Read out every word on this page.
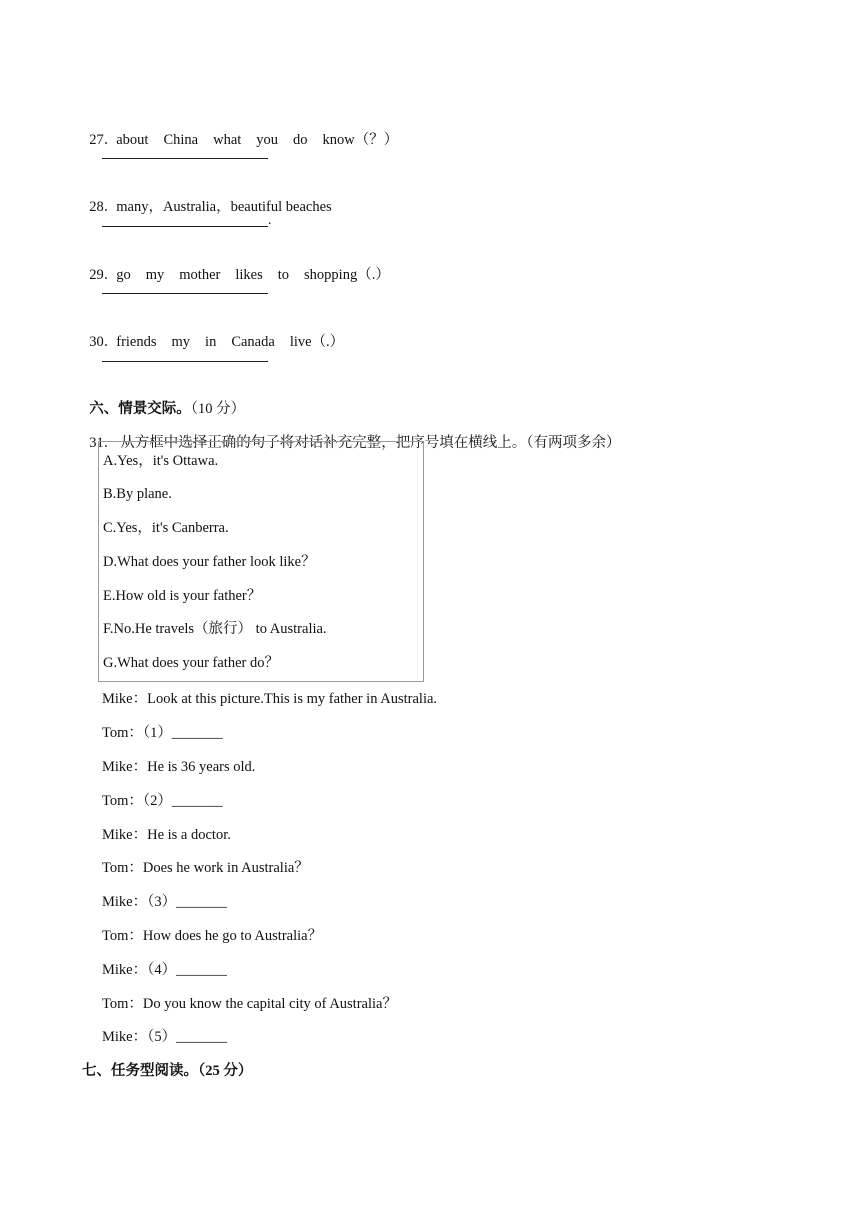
27．about China what you do know（？）

28．many，Australia，beautiful beaches

.

29．go my mother likes to shopping（.）

30．friends my in Canada live（.）

六、情景交际。（10 分）

31． 从方框中选择正确的句子将对话补充完整，把序号填在横线上。（有两项多余）

A.Yes，it's Ottawa.
B.By plane.
C.Yes，it's Canberra.
D.What does your father look like？
E.How old is your father？
F.No.He travels（旅行） to Australia.
G.What does your father do？
Mike：Look at this picture.This is my father in Australia.
Tom：（1）_______
Mike：He is 36 years old.
Tom：（2）_______
Mike：He is a doctor.
Tom：Does he work in Australia？
Mike：（3）_______
Tom：How does he go to Australia？
Mike：（4）_______
Tom：Do you know the capital city of Australia？
Mike：（5）_______
七、任务型阅读。（25 分）
